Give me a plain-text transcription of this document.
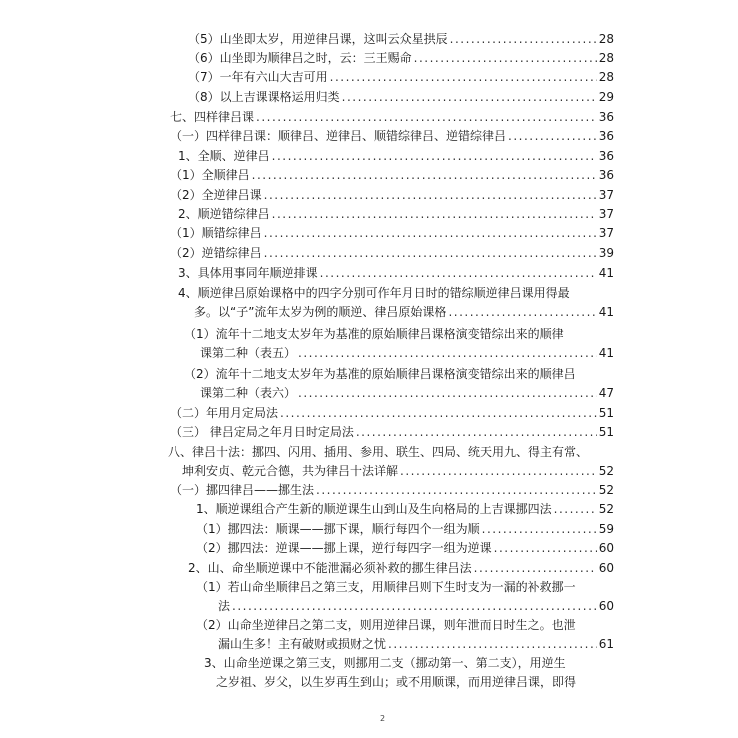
（5）山坐即太岁，用逆律吕课，这叫云众星拱辰 .....	28
（6）山坐即为顺律吕之时，云：三王赐命 .....	28
（7）一年有六山大吉可用 .....	28
（8）以上吉课课格运用归类 .....	29
七、四样律吕课 .....	36
（一）四样律吕课：顺律吕、逆律吕、顺错综律吕、逆错综律吕 .....	36
1、全顺、逆律吕 .....	36
（1）全顺律吕 .....	36
（2）全逆律吕课 .....	37
2、顺逆错综律吕 .....	37
（1）顺错综律吕 .....	37
（2）逆错综律吕 .....	39
3、具体用事同年顺逆排课 .....	41
4、顺逆律吕原始课格中的四字分别可作年月日时的错综顺逆律吕课用得最
多。以“子”流年太岁为例的顺逆、律吕原始课格 .....	41
（1）流年十二地支太岁年为基准的原始顺律吕课格演变错综出来的顺律
课第二种（表五） .....	41
（2）流年十二地支太岁年为基准的原始顺律吕课格演变错综出来的顺律吕
课第二种（表六） .....	47
（二）年用月定局法 .....	51
（三） 律吕定局之年月日时定局法 .....	51
八、律吕十法：挪四、闪用、插用、参用、联生、四局、统天用九、得主有常、
坤利安贞、乾元合德，共为律吕十法详解 .....	52
（一）挪四律吕——挪生法 .....	52
1、顺逆课组合产生新的顺逆课生山到山及生向格局的上吉课挪四法 .....	52
（1）挪四法：顺课——挪下课，顺行每四个一组为顺 .....	59
（2）挪四法：逆课——挪上课，逆行每四字一组为逆课 .....	60
2、山、命坐顺逆课中不能泄漏必须补救的挪生律吕法 .....	60
（1）若山命坐顺律吕之第三支，用顺律吕则下生时支为一漏的补救挪一
法 .....	60
（2）山命坐逆律吕之第二支，则用逆律吕课，则年泄而日时生之。也泄
漏山生多！主有破财或损财之忧 .....	61
3、山命坐逆课之第三支，则挪用二支（挪动第一、第二支），用逆生
之岁祖、岁父，以生岁再生到山；或不用顺课，而用逆律吕课，即得
2
